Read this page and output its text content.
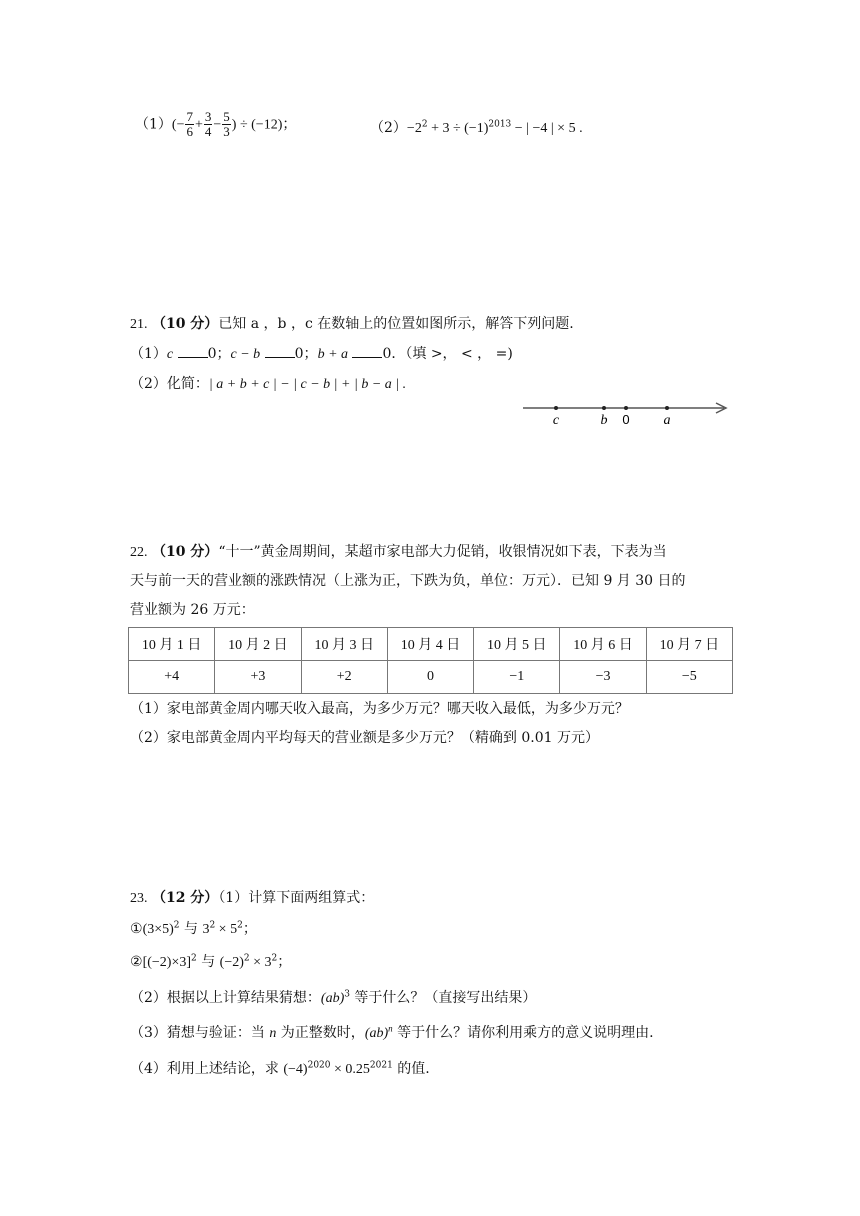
$(1)(- \frac{7}{6} + \frac{3}{4} - \frac{5}{3}$ ) ÷ (−12)；	$(2)-2^2 + 3 \div (-1)^{2013}$ − | −4 | × 5 .
21. （10 分）已知 a ，b ，c 在数轴上的位置如图所示，解答下列问题.
（1）c 0；c − b 0；b + a 0．（填 >， < ， =)
（2）化简：| a + b + c | − | c − b | + | b − a | .
c	b 0 a
22. （10 分）“十一”黄金周期间，某超市家电部大力促销，收银情况如下表，下表为当
天与前一天的营业额的涨跌情况（上涨为正，下跌为负，单位：万元）．已知 9 月 30 日的
营业额为 26 万元：
10 月 1 日	10 月 2 日	10 月 3 日	10 月 4 日	10 月 5 日	10 月 6 日	10 月 7 日
+4	+3	+2	0	−1	−3	−5
（1）家电部黄金周内哪天收入最高，为多少万元？哪天收入最低，为多少万元？
（2）家电部黄金周内平均每天的营业额是多少万元？（精确到 0.01 万元）
23. （12 分）（1）计算下面两组算式：
$①(3\times 5)^2$ 与 $3^2 \times 5^2$；
$②[(-2)\times 3]^2$ 与 $(-2)^2 \times 3^2$；
（2）根据以上计算结果猜想：(ab)$^3$ 等于什么？（直接写出结果）
（3）猜想与验证：当 n 为正整数时，(ab)$^n$ 等于什么？请你利用乘方的意义说明理由.
（4）利用上述结论，求 $(-4)^{2020} \times 0.25^{2021}$ 的值.
